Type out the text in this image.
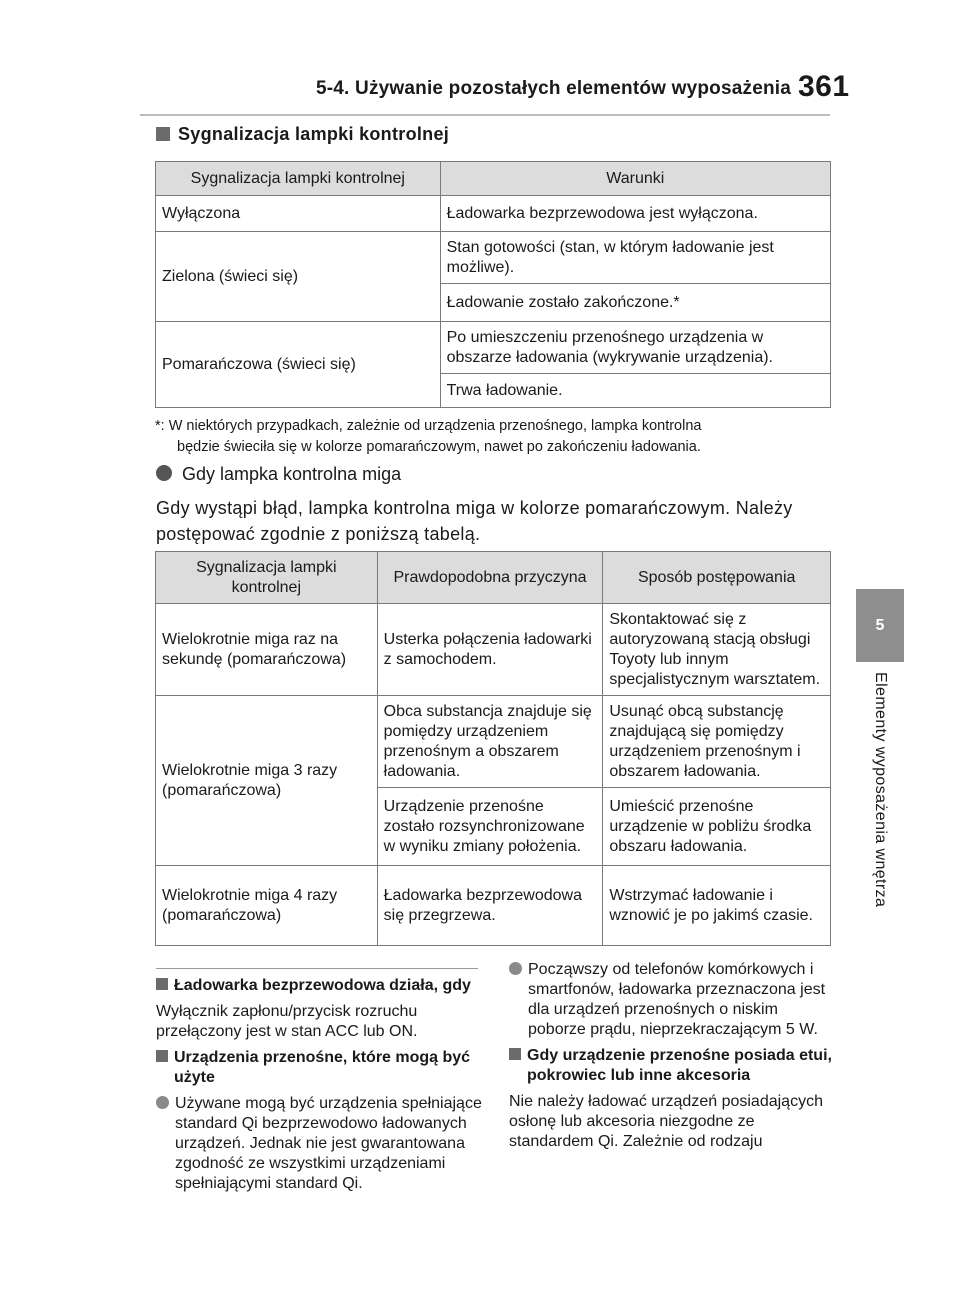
5-4. Używanie pozostałych elementów wyposażenia 361
5
Elementy wyposażenia wnętrza
Sygnalizacja lampki kontrolnej
Sygnalizacja lampki kontrolnej	Warunki
Wyłączona	Ładowarka bezprzewodowa jest wyłączona.
Zielona (świeci się)	Stan gotowości (stan, w którym ładowanie jest możliwe).
	Ładowanie zostało zakończone.*
Pomarańczowa (świeci się)	Po umieszczeniu przenośnego urządzenia w obszarze ładowania (wykrywanie urządzenia).
	Trwa ładowanie.
*: W niektórych przypadkach, zależnie od urządzenia przenośnego, lampka kontrolna
będzie świeciła się w kolorze pomarańczowym, nawet po zakończeniu ładowania.
Gdy lampka kontrolna miga
Gdy wystąpi błąd, lampka kontrolna miga w kolorze pomarańczowym. Należy postępować zgodnie z poniższą tabelą.
Sygnalizacja lampki kontrolnej	Prawdopodobna przyczyna	Sposób postępowania
Wielokrotnie miga raz na sekundę (pomarańczowa)	Usterka połączenia ładowarki z samochodem.	Skontaktować się z autoryzowaną stacją obsługi Toyoty lub innym specjalistycznym warsztatem.
Wielokrotnie miga 3 razy (pomarańczowa)	Obca substancja znajduje się pomiędzy urządzeniem przenośnym a obszarem ładowania.	Usunąć obcą substancję znajdującą się pomiędzy urządzeniem przenośnym i obszarem ładowania.
	Urządzenie przenośne zostało rozsynchronizowane w wyniku zmiany położenia.	Umieścić przenośne urządzenie w pobliżu środka obszaru ładowania.
Wielokrotnie miga 4 razy (pomarańczowa)	Ładowarka bezprzewodowa się przegrzewa.	Wstrzymać ładowanie i wznowić je po jakimś czasie.

Ładowarka bezprzewodowa działa, gdy

Wyłącznik zapłonu/przycisk rozruchu przełączony jest w stan ACC lub ON.

Urządzenia przenośne, które mogą być użyte

Używane mogą być urządzenia spełniające standard Qi bezprzewodowo ładowanych urządzeń. Jednak nie jest gwarantowana zgodność ze wszystkimi urządzeniami spełniającymi standard Qi.

Począwszy od telefonów komórkowych i smartfonów, ładowarka przeznaczona jest dla urządzeń przenośnych o niskim poborze prądu, nieprzekraczającym 5 W.

Gdy urządzenie przenośne posiada etui, pokrowiec lub inne akcesoria

Nie należy ładować urządzeń posiadających osłonę lub akcesoria niezgodne ze standardem Qi. Zależnie od rodzaju
